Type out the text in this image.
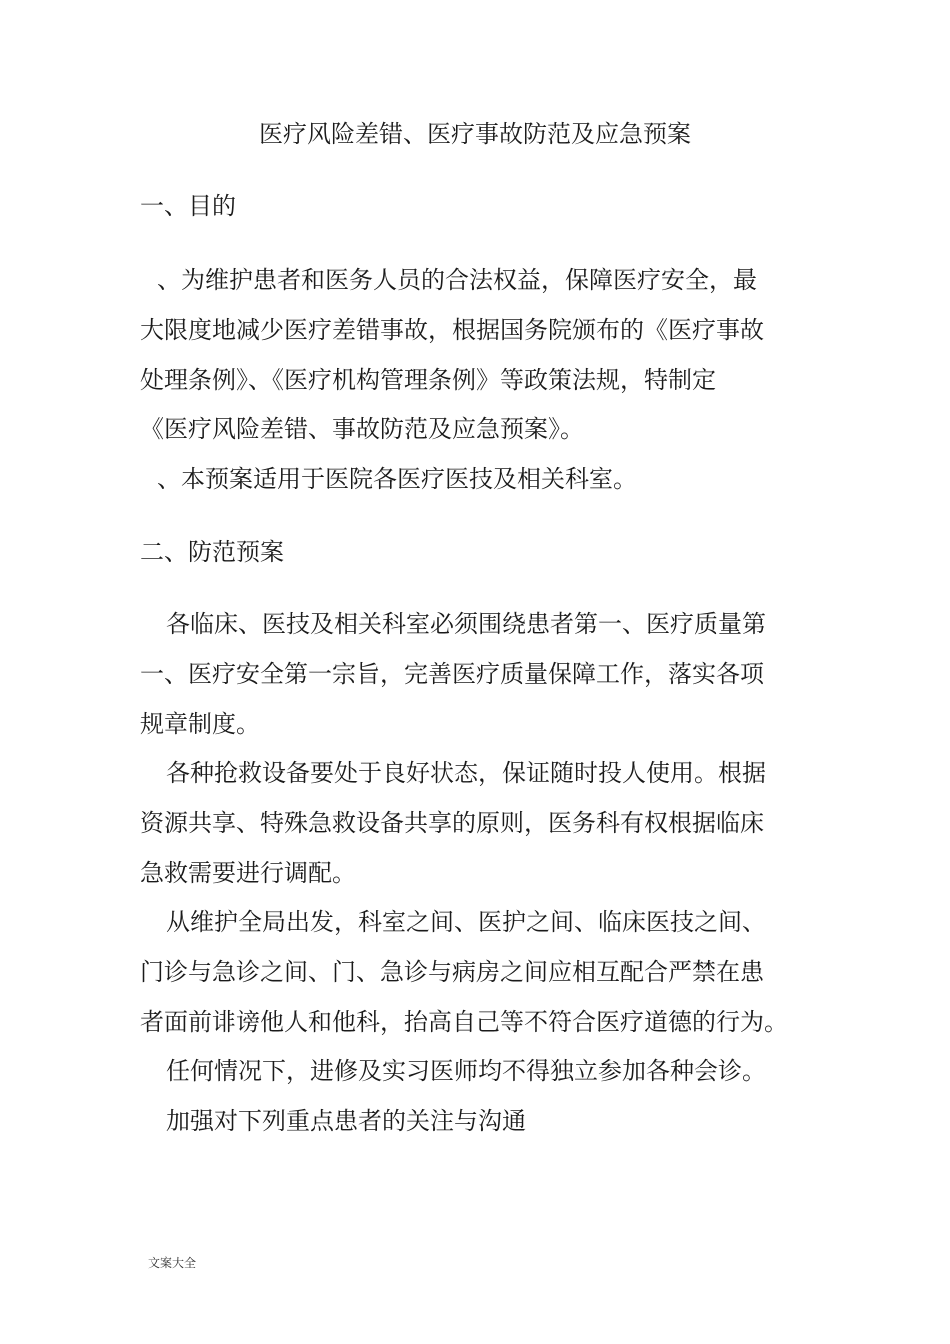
医疗风险差错、医疗事故防范及应急预案
一、目的
、为维护患者和医务人员的合法权益，保障医疗安全，最
大限度地减少医疗差错事故，根据国务院颁布的《医疗事故
处理条例》、《医疗机构管理条例》等政策法规，特制定
《医疗风险差错、事故防范及应急预案》。
、本预案适用于医院各医疗医技及相关科室。
二、防范预案
各临床、医技及相关科室必须围绕患者第一、医疗质量第
一、医疗安全第一宗旨，完善医疗质量保障工作，落实各项
规章制度。
各种抢救设备要处于良好状态，保证随时投人使用。根据
资源共享、特殊急救设备共享的原则，医务科有权根据临床
急救需要进行调配。
从维护全局出发，科室之间、医护之间、临床医技之间、
门诊与急诊之间、门、急诊与病房之间应相互配合严禁在患
者面前诽谤他人和他科，抬高自己等不符合医疗道德的行为。
任何情况下，进修及实习医师均不得独立参加各种会诊。
加强对下列重点患者的关注与沟通
文案大全
